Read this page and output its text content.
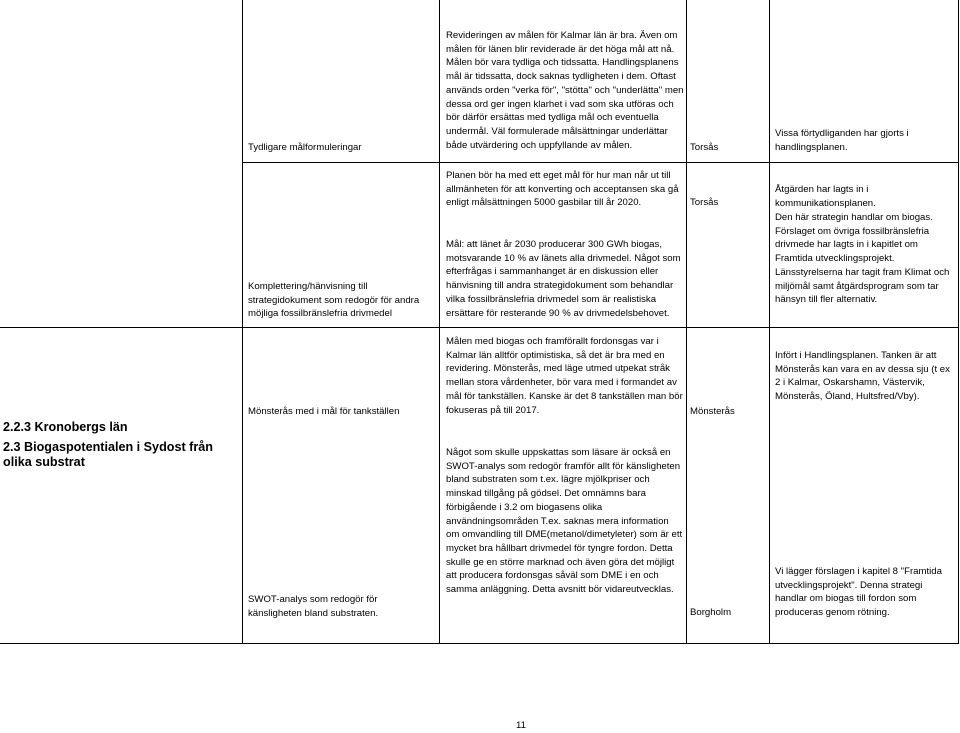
Tydligare målformuleringar
Revideringen av målen för Kalmar län är bra. Även om målen för länen blir reviderade är det höga mål att nå. Målen bör vara tydliga och tidssatta. Handlingsplanens mål är tidssatta, dock saknas tydligheten i dem. Oftast används orden "verka för", "stötta" och "underlätta" men dessa ord ger ingen klarhet i vad som ska utföras och bör därför ersättas med tydliga mål och eventuella undermål. Väl formulerade målsättningar underlättar både utvärdering och uppfyllande av målen.	Torsås
Vissa förtydliganden har gjorts i handlingsplanen.
Komplettering/hänvisning till strategidokument som redogör för andra möjliga fossilbränslefria drivmedel
Planen bör ha med ett eget mål för hur man når ut till allmänheten för att konverting och acceptansen ska gå enligt målsättningen 5000 gasbilar till år 2020.
Mål: att länet år 2030 producerar 300 GWh biogas, motsvarande 10 % av länets alla drivmedel. Något som efterfrågas i sammanhanget är en diskussion eller hänvisning till andra strategidokument som behandlar vilka fossilbränslefria drivmedel som är realistiska ersättare för resterande 90 % av drivmedelsbehovet.
Torsås
Åtgärden har lagts in i kommunikationsplanen.
Den här strategin handlar om biogas. Förslaget om övriga fossilbränslefria drivmede har lagts in i kapitlet om Framtida utvecklingsprojekt. Länsstyrelserna har tagit fram Klimat och miljömål samt åtgärdsprogram som tar hänsyn till fler alternativ.
Mönsterås med i mål för tankställen
Målen med biogas och framförallt fordonsgas var i Kalmar län alltför optimistiska, så det är bra med en revidering. Mönsterås, med läge utmed utpekat stråk mellan stora vårdenheter, bör vara med i formandet av mål för tankställen. Kanske är det 8 tankställen man bör fokuseras på till 2017.	Mönsterås
Infört i Handlingsplanen. Tanken är att Mönsterås kan vara en av dessa sju (t ex 2 i Kalmar, Oskarshamn, Västervik, Mönsterås, Öland, Hultsfred/Vby).
SWOT-analys som redogör för känsligheten bland substraten.
Något som skulle uppskattas som läsare är också en SWOT-analys som redogör framför allt för känsligheten bland substraten som t.ex. lägre mjölkpriser och minskad tillgång på gödsel. Det omnämns bara förbigående i 3.2 om biogasens olika användningsområden T.ex. saknas mera information om omvandling till DME(metanol/dimetyleter) som är ett mycket bra hållbart drivmedel för tyngre fordon. Detta skulle ge en större marknad och även göra det möjligt att producera fordonsgas såväl som DME i en och samma anläggning. Detta avsnitt bör vidareutvecklas.
Borgholm
Vi lägger förslagen i kapitel 8 "Framtida utvecklingsprojekt". Denna strategi handlar om biogas till fordon som produceras genom rötning.
2.2.3 Kronobergs län
2.3 Biogaspotentialen i Sydost från olika substrat
11
